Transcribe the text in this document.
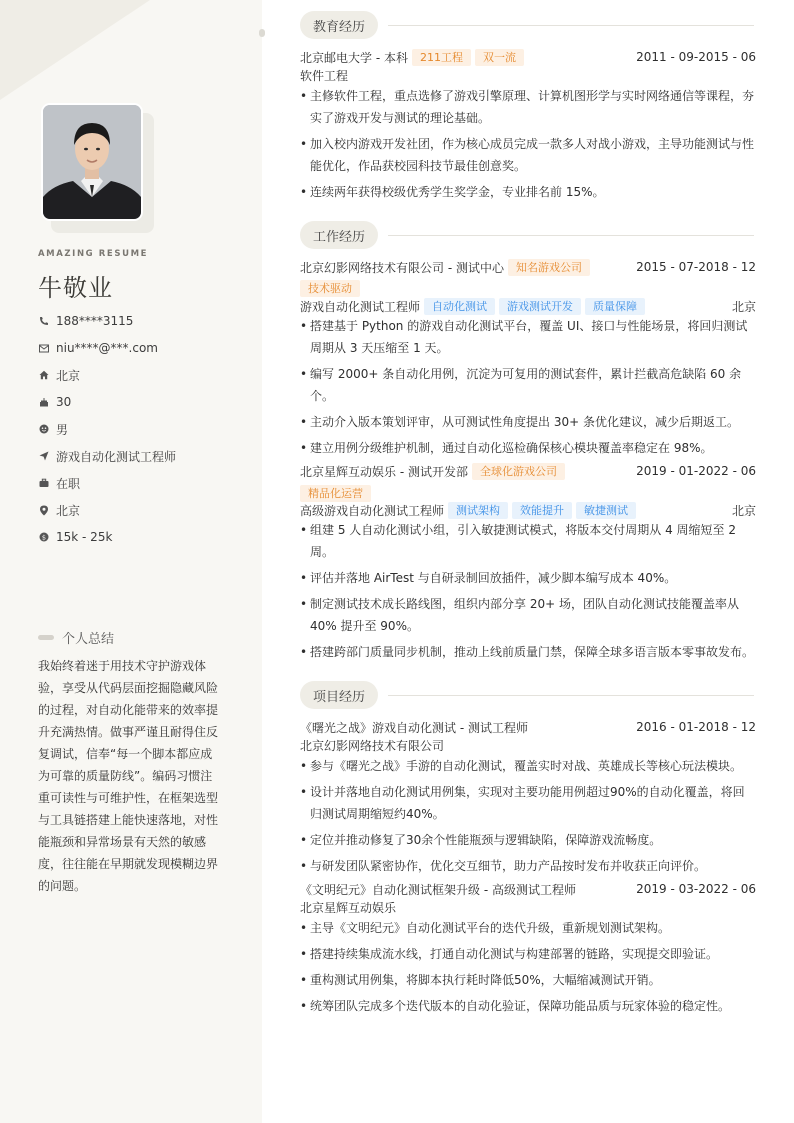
AMAZING RESUME
牛敬业
188****3115
niu****@***.com
北京
30
男
游戏自动化测试工程师
在职
北京
$ 15k - 25k
个人总结
我始终着迷于用技术守护游戏体验，享受从代码层面挖掘隐藏风险的过程，对自动化能带来的效率提升充满热情。做事严谨且耐得住反复调试，信奉“每一个脚本都应成为可靠的质量防线”。编码习惯注重可读性与可维护性，在框架选型与工具链搭建上能快速落地，对性能瓶颈和异常场景有天然的敏感度，往往能在早期就发现模糊边界的问题。
教育经历
北京邮电大学 - 本科	211工程	双一流	2011 - 09-2015 - 06
软件工程
• 主修软件工程，重点选修了游戏引擎原理、计算机图形学与实时网络通信等课程，夯实了游戏开发与测试的理论基础。
• 加入校内游戏开发社团，作为核心成员完成一款多人对战小游戏，主导功能测试与性能优化，作品获校园科技节最佳创意奖。
• 连续两年获得校级优秀学生奖学金，专业排名前 15%。
工作经历
北京幻影网络技术有限公司 - 测试中心	知名游戏公司	2015 - 07-2018 - 12
技术驱动
游戏自动化测试工程师	自动化测试	游戏测试开发	质量保障	北京
• 搭建基于 Python 的游戏自动化测试平台，覆盖 UI、接口与性能场景，将回归测试周期从 3 天压缩至 1 天。
• 编写 2000+ 条自动化用例，沉淀为可复用的测试套件，累计拦截高危缺陷 60 余个。
• 主动介入版本策划评审，从可测试性角度提出 30+ 条优化建议，减少后期返工。
• 建立用例分级维护机制，通过自动化巡检确保核心模块覆盖率稳定在 98%。
北京星辉互动娱乐 - 测试开发部	全球化游戏公司	2019 - 01-2022 - 06
精品化运营
高级游戏自动化测试工程师	测试架构	效能提升	敏捷测试	北京
• 组建 5 人自动化测试小组，引入敏捷测试模式，将版本交付周期从 4 周缩短至 2 周。
• 评估并落地 AirTest 与自研录制回放插件，减少脚本编写成本 40%。
• 制定测试技术成长路线图，组织内部分享 20+ 场，团队自动化测试技能覆盖率从 40% 提升至 90%。
• 搭建跨部门质量同步机制，推动上线前质量门禁，保障全球多语言版本零事故发布。
项目经历
《曙光之战》游戏自动化测试 - 测试工程师	2016 - 01-2018 - 12
北京幻影网络技术有限公司
• 参与《曙光之战》手游的自动化测试，覆盖实时对战、英雄成长等核心玩法模块。
• 设计并落地自动化测试用例集，实现对主要功能用例超过90%的自动化覆盖，将回归测试周期缩短约40%。
• 定位并推动修复了30余个性能瓶颈与逻辑缺陷，保障游戏流畅度。
• 与研发团队紧密协作，优化交互细节，助力产品按时发布并收获正向评价。
《文明纪元》自动化测试框架升级 - 高级测试工程师	2019 - 03-2022 - 06
北京星辉互动娱乐
• 主导《文明纪元》自动化测试平台的迭代升级，重新规划测试架构。
• 搭建持续集成流水线，打通自动化测试与构建部署的链路，实现提交即验证。
• 重构测试用例集，将脚本执行耗时降低50%，大幅缩减测试开销。
• 统筹团队完成多个迭代版本的自动化验证，保障功能品质与玩家体验的稳定性。
